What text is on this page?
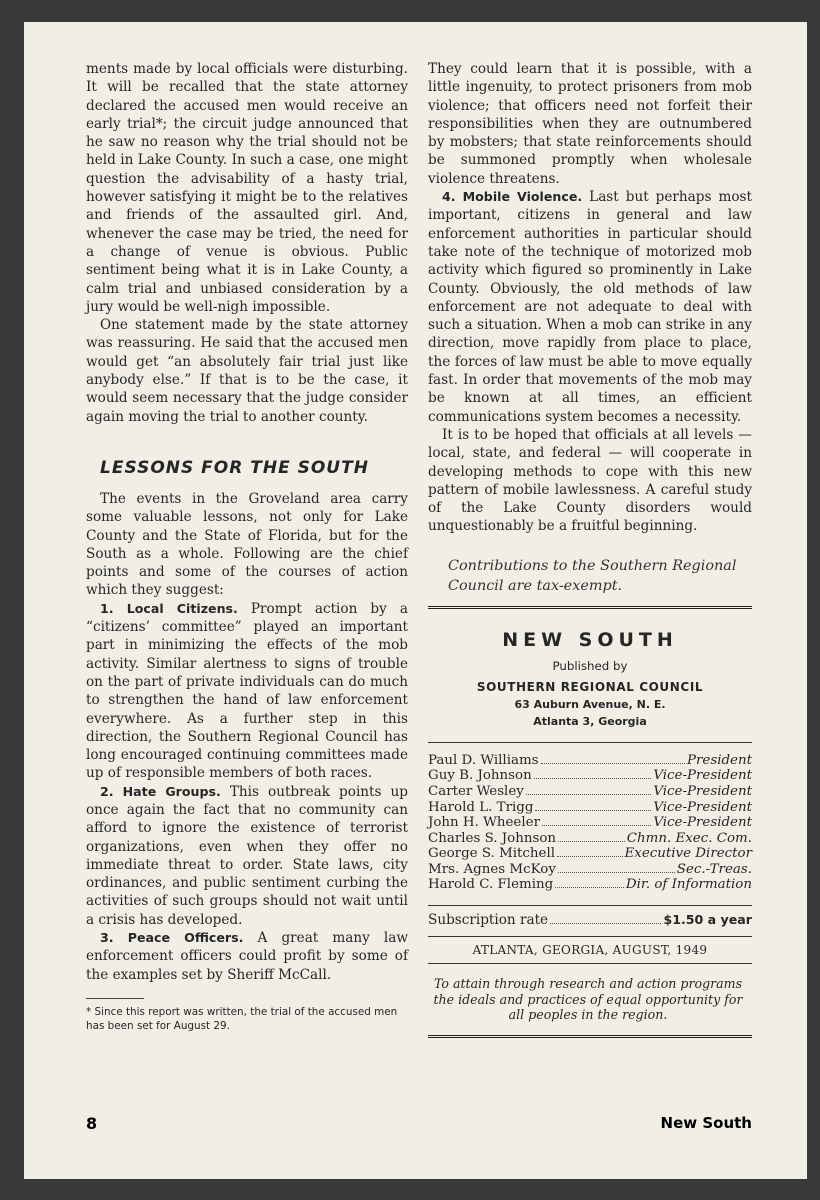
ments made by local officials were disturbing. It will be recalled that the state attorney declared the accused men would receive an early trial*; the circuit judge announced that he saw no reason why the trial should not be held in Lake County. In such a case, one might question the advisability of a hasty trial, however satisfying it might be to the relatives and friends of the assaulted girl. And, whenever the case may be tried, the need for a change of venue is obvious. Public sentiment being what it is in Lake County, a calm trial and unbiased consideration by a jury would be well-nigh impossible.

One statement made by the state attorney was reassuring. He said that the accused men would get “an absolutely fair trial just like anybody else.” If that is to be the case, it would seem necessary that the judge consider again moving the trial to another county.

LESSONS FOR THE SOUTH

The events in the Groveland area carry some valuable lessons, not only for Lake County and the State of Florida, but for the South as a whole. Following are the chief points and some of the courses of action which they suggest:

1. Local Citizens. Prompt action by a “citizens’ committee” played an important part in minimizing the effects of the mob activity. Similar alertness to signs of trouble on the part of private individuals can do much to strengthen the hand of law enforcement everywhere. As a further step in this direction, the Southern Regional Council has long encouraged continuing committees made up of responsible members of both races.

2. Hate Groups. This outbreak points up once again the fact that no community can afford to ignore the existence of terrorist organizations, even when they offer no immediate threat to order. State laws, city ordinances, and public sentiment curbing the activities of such groups should not wait until a crisis has developed.

3. Peace Officers. A great many law enforcement officers could profit by some of the examples set by Sheriff McCall.

* Since this report was written, the trial of the accused men has been set for August 29.

They could learn that it is possible, with a little ingenuity, to protect prisoners from mob violence; that officers need not forfeit their responsibilities when they are outnumbered by mobsters; that state reinforcements should be summoned promptly when wholesale violence threatens.

4. Mobile Violence. Last but perhaps most important, citizens in general and law enforcement authorities in particular should take note of the technique of motorized mob activity which figured so prominently in Lake County. Obviously, the old methods of law enforcement are not adequate to deal with such a situation. When a mob can strike in any direction, move rapidly from place to place, the forces of law must be able to move equally fast. In order that movements of the mob may be known at all times, an efficient communications system becomes a necessity.

It is to be hoped that officials at all levels — local, state, and federal — will cooperate in developing methods to cope with this new pattern of mobile lawlessness. A careful study of the Lake County disorders would unquestionably be a fruitful beginning.

Contributions to the Southern Regional Council are tax-exempt.

NEW SOUTH
Published by
SOUTHERN REGIONAL COUNCIL
63 Auburn Avenue, N. E.
Atlanta 3, Georgia
Paul D. Williams	President
Guy B. Johnson	Vice-President
Carter Wesley	Vice-President
Harold L. Trigg	Vice-President
John H. Wheeler	Vice-President
Charles S. Johnson	Chmn. Exec. Com.
George S. Mitchell	Executive Director
Mrs. Agnes McKoy	Sec.-Treas.
Harold C. Fleming	Dir. of Information
Subscription rate	$1.50 a year
ATLANTA, GEORGIA, AUGUST, 1949
To attain through research and action programs the ideals and practices of equal opportunity for all peoples in the region.
8	New South
